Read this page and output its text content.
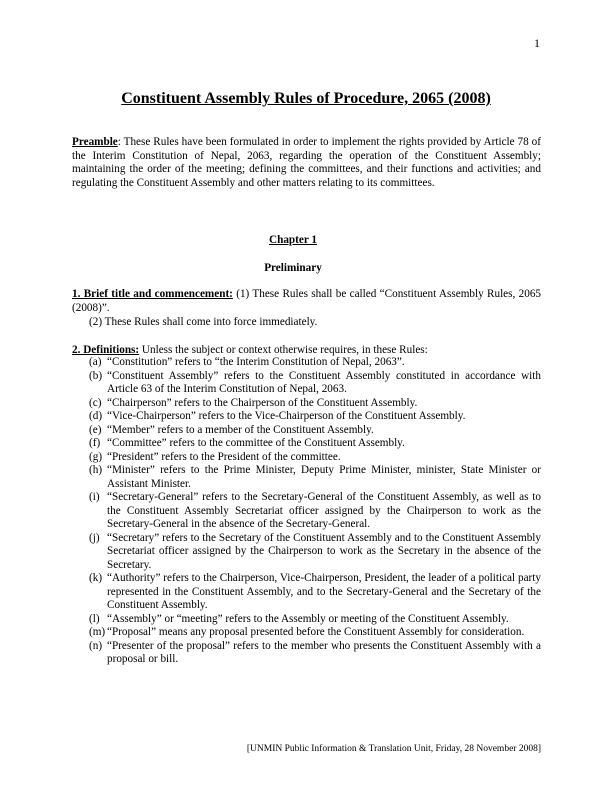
1
Constituent Assembly Rules of Procedure, 2065 (2008)
Preamble: These Rules have been formulated in order to implement the rights provided by Article 78 of the Interim Constitution of Nepal, 2063, regarding the operation of the Constituent Assembly; maintaining the order of the meeting; defining the committees, and their functions and activities; and regulating the Constituent Assembly and other matters relating to its committees.
Chapter 1
Preliminary
1. Brief title and commencement: (1) These Rules shall be called “Constituent Assembly Rules, 2065 (2008)”.
(2) These Rules shall come into force immediately.
2. Definitions: Unless the subject or context otherwise requires, in these Rules:
(a) “Constitution” refers to “the Interim Constitution of Nepal, 2063”.
(b) “Constituent Assembly” refers to the Constituent Assembly constituted in accordance with Article 63 of the Interim Constitution of Nepal, 2063.
(c) “Chairperson” refers to the Chairperson of the Constituent Assembly.
(d) “Vice-Chairperson” refers to the Vice-Chairperson of the Constituent Assembly.
(e) “Member” refers to a member of the Constituent Assembly.
(f) “Committee” refers to the committee of the Constituent Assembly.
(g) “President” refers to the President of the committee.
(h) “Minister” refers to the Prime Minister, Deputy Prime Minister, minister, State Minister or Assistant Minister.
(i) “Secretary-General” refers to the Secretary-General of the Constituent Assembly, as well as to the Constituent Assembly Secretariat officer assigned by the Chairperson to work as the Secretary-General in the absence of the Secretary-General.
(j) “Secretary” refers to the Secretary of the Constituent Assembly and to the Constituent Assembly Secretariat officer assigned by the Chairperson to work as the Secretary in the absence of the Secretary.
(k) “Authority” refers to the Chairperson, Vice-Chairperson, President, the leader of a political party represented in the Constituent Assembly, and to the Secretary-General and the Secretary of the Constituent Assembly.
(l) “Assembly” or “meeting” refers to the Assembly or meeting of the Constituent Assembly.
(m) “Proposal” means any proposal presented before the Constituent Assembly for consideration.
(n) “Presenter of the proposal” refers to the member who presents the Constituent Assembly with a proposal or bill.
[UNMIN Public Information & Translation Unit, Friday, 28 November 2008]
